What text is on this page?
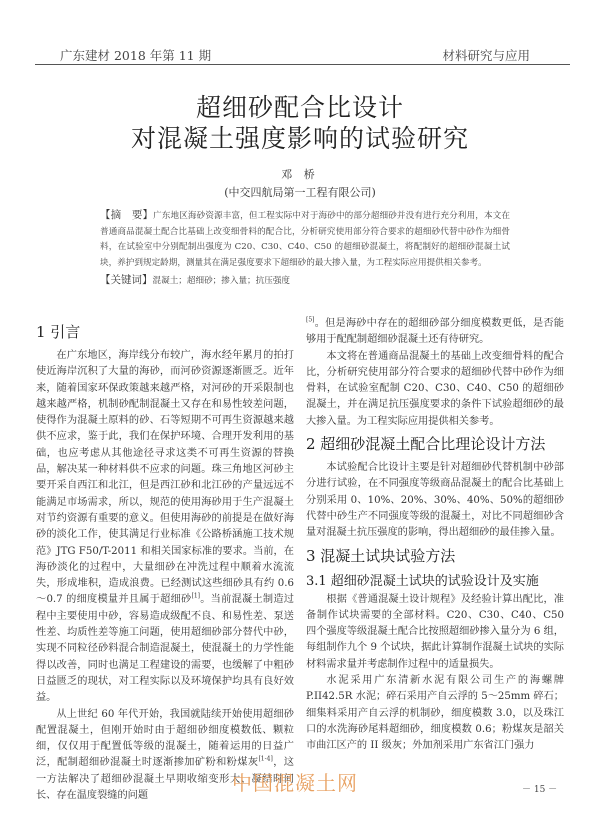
广东建材 2018 年第 11 期	材料研究与应用
超细砂配合比设计
对混凝土强度影响的试验研究
邓 桥
(中交四航局第一工程有限公司)
【摘　要】广东地区海砂资源丰富，但工程实际中对于海砂中的部分超细砂并没有进行充分利用，本文在普通商品混凝土配合比基础上改变细骨料的配合比，分析研究使用部分符合要求的超细砂代替中砂作为细骨料，在试验室中分别配制出强度为 C20、C30、C40、C50 的超细砂混凝土，将配制好的超细砂混凝土试块，养护到规定龄期，测量其在满足强度要求下超细砂的最大掺入量，为工程实际应用提供相关参考。
【关键词】混凝土；超细砂；掺入量；抗压强度
1 引言

在广东地区，海岸线分布较广，海水经年累月的拍打使近海岸沉积了大量的海砂，而河砂资源逐渐匮乏。近年来，随着国家环保政策越来越严格，对河砂的开采限制也越来越严格，机制砂配制混凝土又存在和易性较差问题，使得作为混凝土原料的砂、石等短期不可再生资源越来越供不应求，鉴于此，我们在保护环境、合理开发利用的基础，也应考虑从其他途径寻求这类不可再生资源的替换品，解决某一种材料供不应求的问题。珠三角地区河砂主要开采自西江和北江，但是西江砂和北江砂的产量远远不能满足市场需求，所以，规范的使用海砂用于生产混凝土对节约资源有重要的意义。但使用海砂的前提是在做好海砂的淡化工作，使其满足行业标准《公路桥涵施工技术规范》JTG F50/T-2011 和相关国家标准的要求。当前，在海砂淡化的过程中，大量细砂在冲洗过程中顺着水流流失，形成堆积，造成浪费。已经测试这些细砂具有约 0.6～0.7 的细度模量并且属于超细砂[1]。当前混凝土制造过程中主要使用中砂，容易造成级配不良、和易性差、泵送性差、均质性差等施工问题，使用超细砂部分替代中砂，实现不同粒径砂料混合制造混凝土，使混凝土的力学性能得以改善，同时也满足工程建设的需要，也缓解了中粗砂日益匮乏的现状，对工程实际以及环境保护均具有良好效益。

从上世纪 60 年代开始，我国就陆续开始使用超细砂配置混凝土，但刚开始时由于超细砂细度模数低、颗粒细，仅仅用于配置低等级的混凝土，随着运用的日益广泛，配制超细砂混凝土时逐渐掺加矿粉和粉煤灰[1-4]，这一方法解决了超细砂混凝土早期收缩变形大、凝结时间长、存在温度裂缝的问题

[5]。但是海砂中存在的超细砂部分细度模数更低，是否能够用于配配制超细砂混凝土还有待研究。

本文将在普通商品混凝土的基础上改变细骨料的配合比，分析研究使用部分符合要求的超细砂代替中砂作为细骨料，在试验室配制 C20、C30、C40、C50 的超细砂混凝土，并在满足抗压强度要求的条件下试验超细砂的最大掺入量。为工程实际应用提供相关参考。

2 超细砂混凝土配合比理论设计方法

本试验配合比设计主要是针对超细砂代替机制中砂部分进行试验，在不同强度等级商品混凝土的配合比基础上分别采用 0、10%、20%、30%、40%、50%的超细砂代替中砂生产不同强度等级的混凝土，对比不同超细砂含量对混凝土抗压强度的影响，得出超细砂的最佳掺入量。

3 混凝土试块试验方法
3.1 超细砂混凝土试块的试验设计及实施

根据《普通混凝土设计规程》及经验计算出配比，准备制作试块需要的全部材料。C20、C30、C40、C50 四个强度等级混凝土配合比按照超细砂掺入量分为 6 组，每组制作九个 9 个试块，据此计算制作混凝土试块的实际材料需求量并考虑制作过程中的适量损失。

水泥采用广东清新水泥有限公司生产的海螺牌 P.II42.5R 水泥；碎石采用产自云浮的 5～25mm 碎石；细集料采用产自云浮的机制砂，细度模数 3.0，以及珠江口的水洗海砂尾料超细砂，细度模数 0.6；粉煤灰是韶关市曲江区产的 II 级灰；外加剂采用广东省江门强力

中国混凝土网	－ 15 －
